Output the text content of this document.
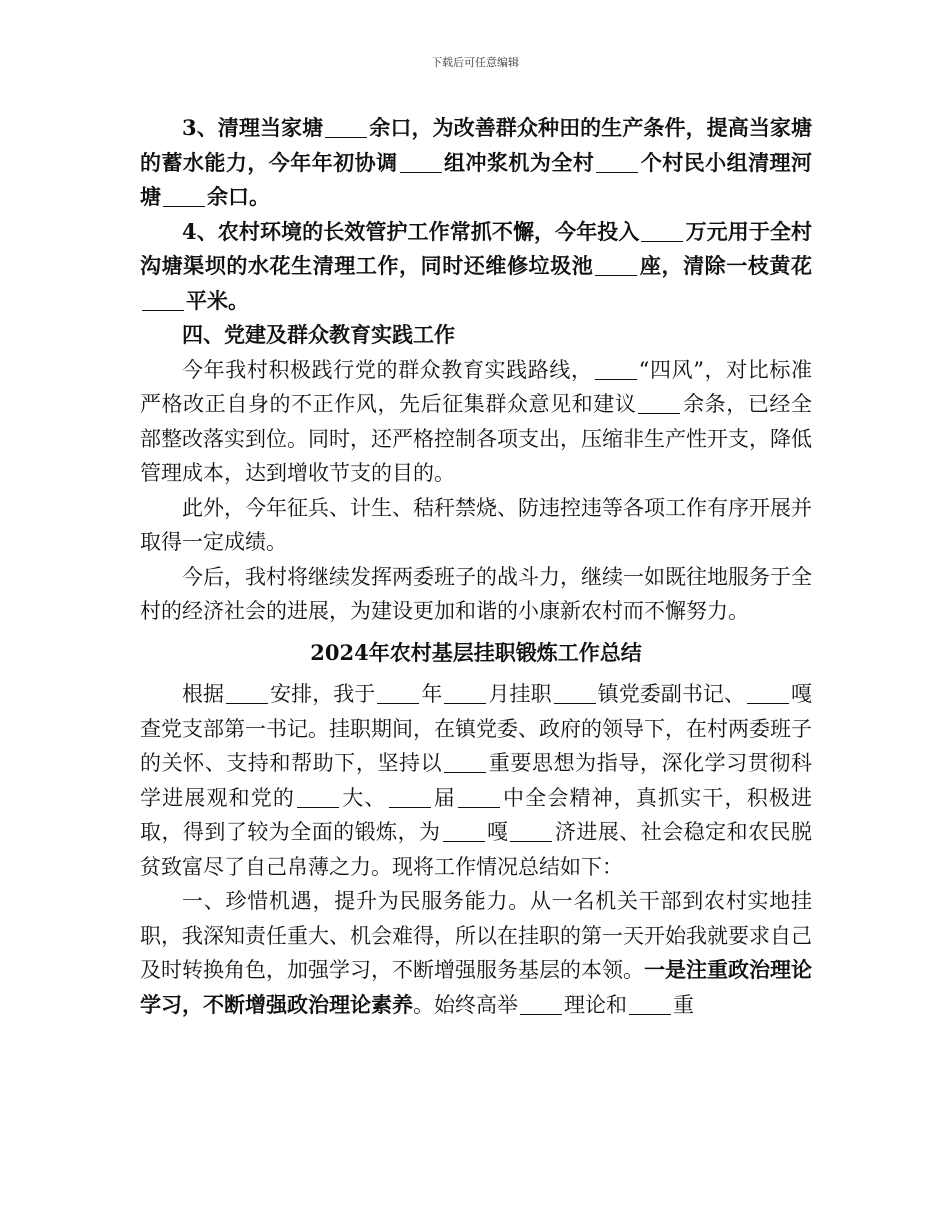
下载后可任意编辑

3、清理当家塘 余口，为改善群众种田的生产条件，提高当家塘的蓄水能力，今年年初协调 组冲浆机为全村 个村民小组清理河塘 余口。

4、农村环境的长效管护工作常抓不懈，今年投入 万元用于全村沟塘渠坝的水花生清理工作，同时还维修垃圾池 座，清除一枝黄花平米。

四、党建及群众教育实践工作

今年我村积极践行党的群众教育实践路线， “四风”，对比标准严格改正自身的不正作风，先后征集群众意见和建议 余条，已经全部整改落实到位。同时，还严格控制各项支出，压缩非生产性开支，降低管理成本，达到增收节支的目的。

此外，今年征兵、计生、秸秆禁烧、防违控违等各项工作有序开展并取得一定成绩。

今后，我村将继续发挥两委班子的战斗力，继续一如既往地服务于全村的经济社会的进展，为建设更加和谐的小康新农村而不懈努力。

2024年农村基层挂职锻炼工作总结

根据 安排，我于 年 月挂职 镇党委副书记、 嘎查党支部第一书记。挂职期间，在镇党委、政府的领导下，在村两委班子的关怀、支持和帮助下，坚持以 重要思想为指导，深化学习贯彻科学进展观和党的 大、 届 中全会精神，真抓实干，积极进取，得到了较为全面的锻炼，为 嘎 济进展、社会稳定和农民脱贫致富尽了自己帛薄之力。现将工作情况总结如下：

一、珍惜机遇，提升为民服务能力。从一名机关干部到农村实地挂职，我深知责任重大、机会难得，所以在挂职的第一天开始我就要求自己及时转换角色，加强学习，不断增强服务基层的本领。一是注重政治理论学习，不断增强政治理论素养。始终高举 理论和 重
